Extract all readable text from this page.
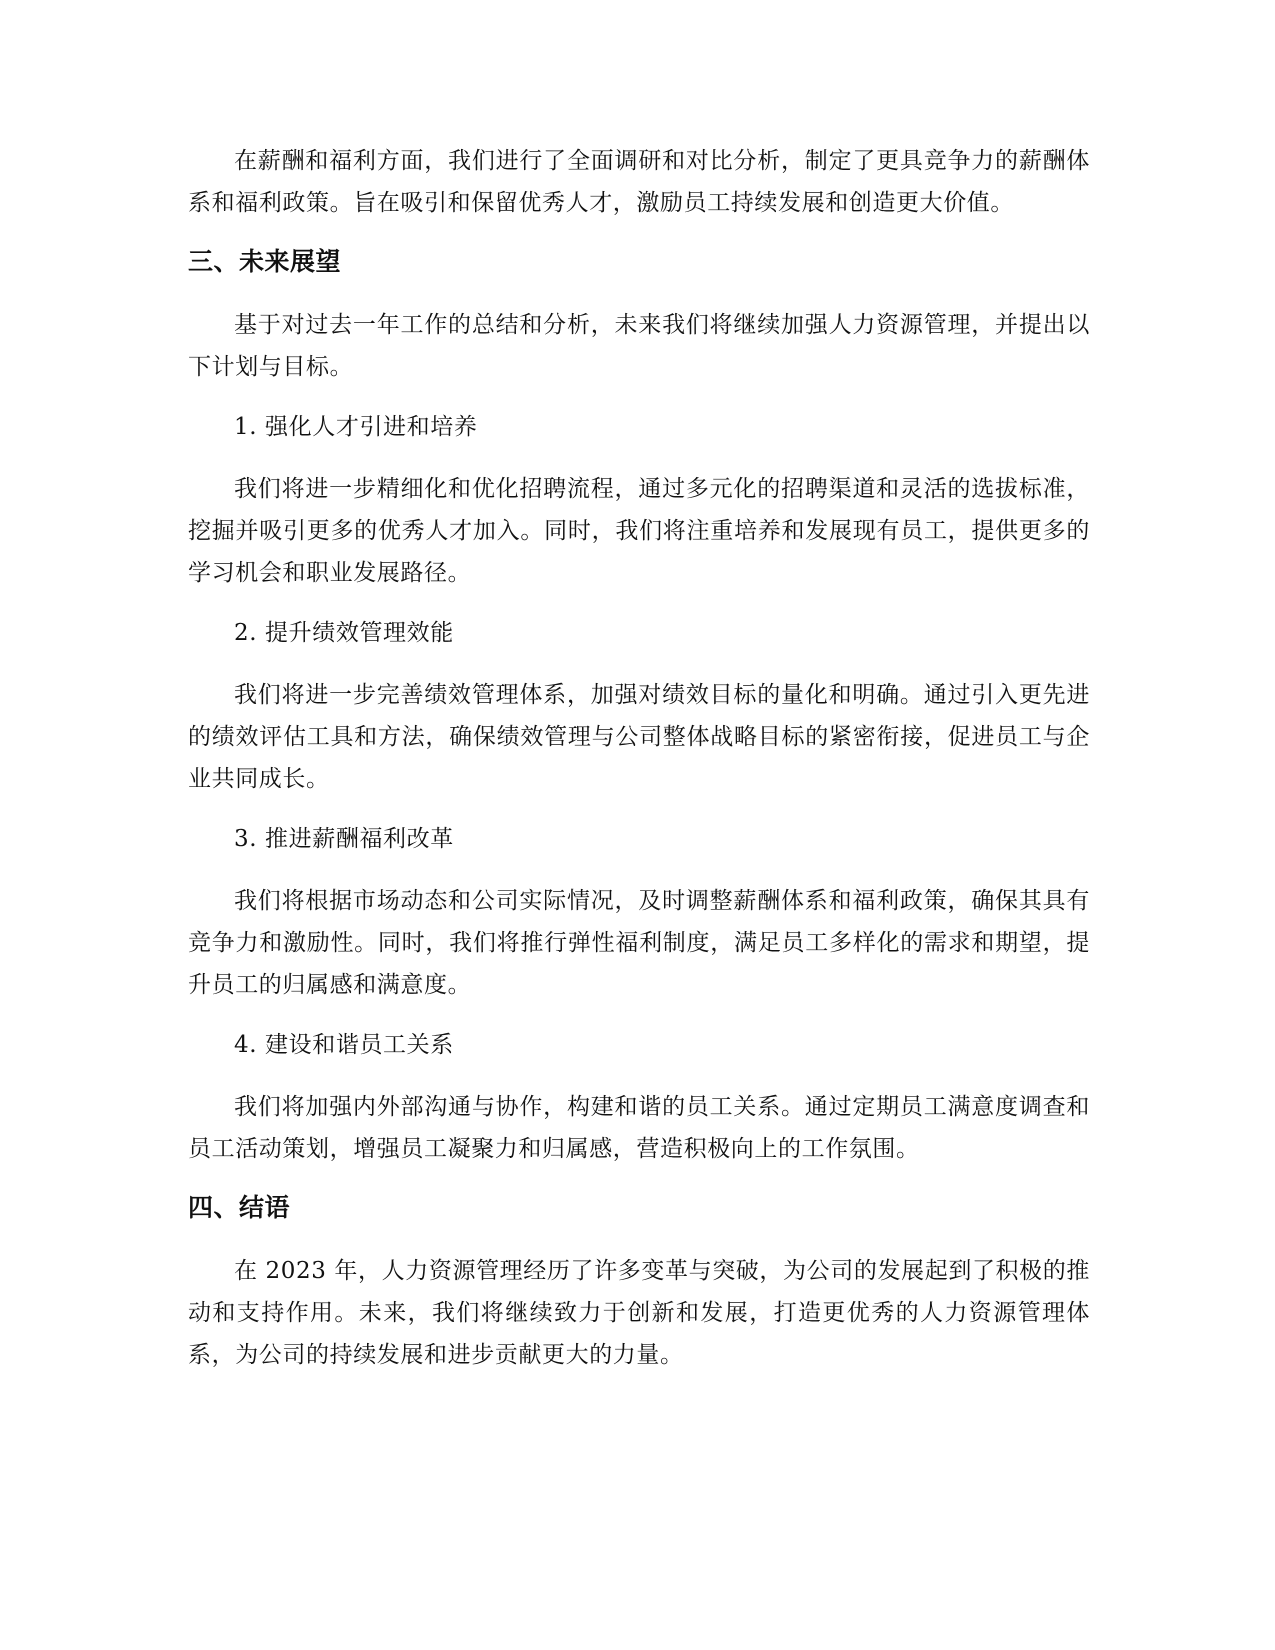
在薪酬和福利方面，我们进行了全面调研和对比分析，制定了更具竞争力的薪酬体系和福利政策。旨在吸引和保留优秀人才，激励员工持续发展和创造更大价值。

三、未来展望

基于对过去一年工作的总结和分析，未来我们将继续加强人力资源管理，并提出以下计划与目标。

1. 强化人才引进和培养

我们将进一步精细化和优化招聘流程，通过多元化的招聘渠道和灵活的选拔标准，挖掘并吸引更多的优秀人才加入。同时，我们将注重培养和发展现有员工，提供更多的学习机会和职业发展路径。

2. 提升绩效管理效能

我们将进一步完善绩效管理体系，加强对绩效目标的量化和明确。通过引入更先进的绩效评估工具和方法，确保绩效管理与公司整体战略目标的紧密衔接，促进员工与企业共同成长。

3. 推进薪酬福利改革

我们将根据市场动态和公司实际情况，及时调整薪酬体系和福利政策，确保其具有竞争力和激励性。同时，我们将推行弹性福利制度，满足员工多样化的需求和期望，提升员工的归属感和满意度。

4. 建设和谐员工关系

我们将加强内外部沟通与协作，构建和谐的员工关系。通过定期员工满意度调查和员工活动策划，增强员工凝聚力和归属感，营造积极向上的工作氛围。

四、结语

在 2023 年，人力资源管理经历了许多变革与突破，为公司的发展起到了积极的推动和支持作用。未来，我们将继续致力于创新和发展，打造更优秀的人力资源管理体系，为公司的持续发展和进步贡献更大的力量。
